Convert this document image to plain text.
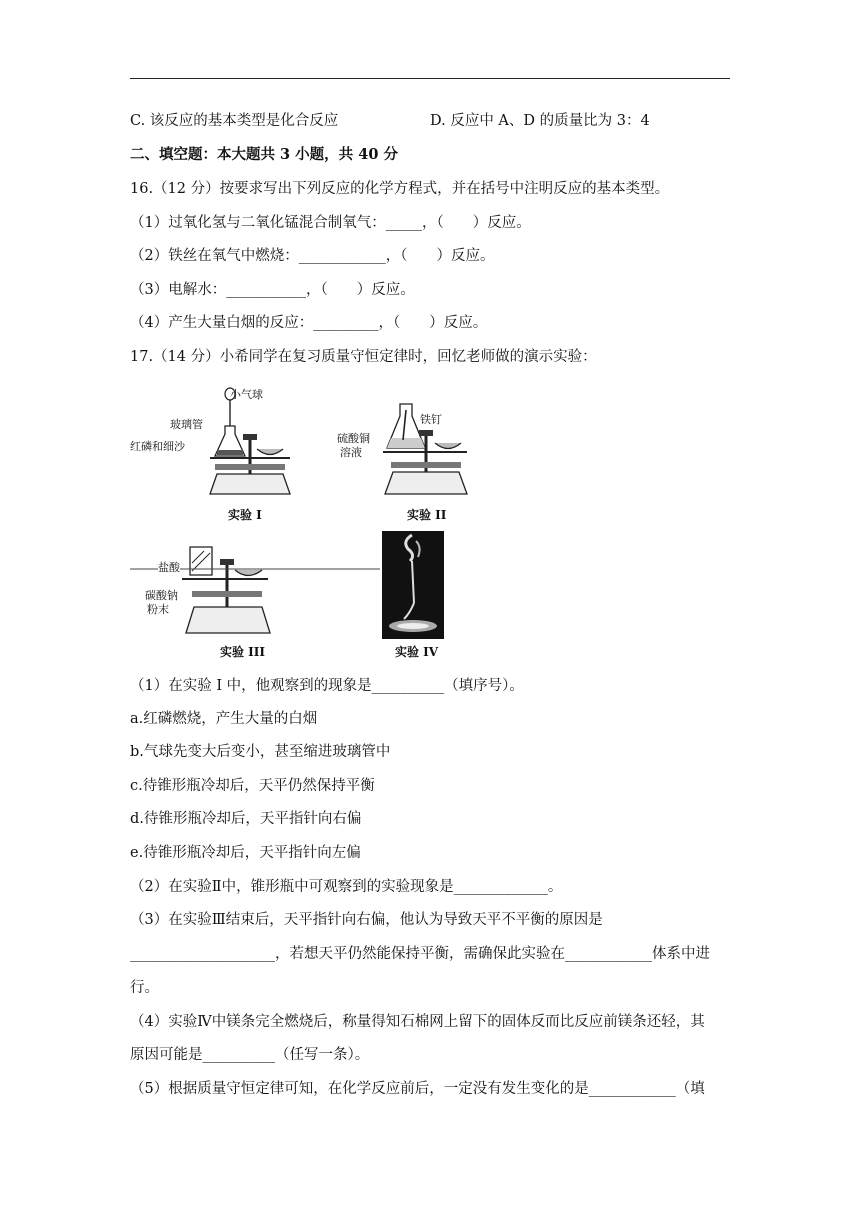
C. 该反应的基本类型是化合反应	D. 反应中 A、D 的质量比为 3：4
二、填空题：本大题共 3 小题，共 40 分
16.（12 分）按要求写出下列反应的化学方程式，并在括号中注明反应的基本类型。
（1）过氧化氢与二氧化锰混合制氧气：_____，（　　）反应。
（2）铁丝在氧气中燃烧：____________，（　　）反应。
（3）电解水：___________，（　　）反应。
（4）产生大量白烟的反应：_________，（　　）反应。
17.（14 分）小希同学在复习质量守恒定律时，回忆老师做的演示实验：
小气球
玻璃管
红磷和细沙
实验 I
铁钉
硫酸铜
溶液
实验 II
盐酸
碳酸钠
粉末
实验 III	实验 IV
（1）在实验 I 中，他观察到的现象是__________（填序号）。
a.红磷燃烧，产生大量的白烟
b.气球先变大后变小，甚至缩进玻璃管中
c.待锥形瓶冷却后，天平仍然保持平衡
d.待锥形瓶冷却后，天平指针向右偏
e.待锥形瓶冷却后，天平指针向左偏
（2）在实验Ⅱ中，锥形瓶中可观察到的实验现象是_____________。
（3）在实验Ⅲ结束后，天平指针向右偏，他认为导致天平不平衡的原因是
____________________，若想天平仍然能保持平衡，需确保此实验在____________体系中进
行。
（4）实验Ⅳ中镁条完全燃烧后，称量得知石棉网上留下的固体反而比反应前镁条还轻，其
原因可能是__________（任写一条）。
（5）根据质量守恒定律可知，在化学反应前后，一定没有发生变化的是____________（填
